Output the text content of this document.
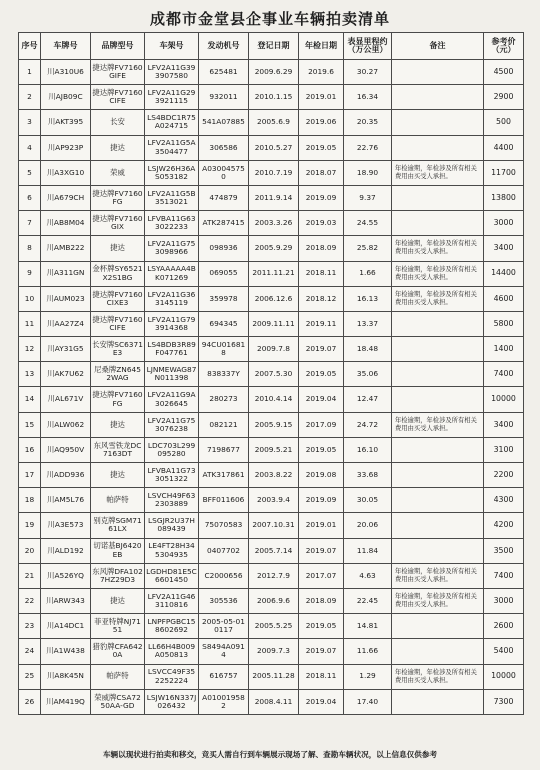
成都市金堂县企事业车辆拍卖清单
序号	车牌号	品牌型号	车架号	发动机号	登记日期	年检日期	表显里程约（万公里）	备注	参考价（元）
1	川A310U6	捷达牌FV7160GIFE	LFV2A11G393907580	625481	2009.6.29	2019.6	30.27		4500
2	川AJB09C	捷达牌FV7160CIFE	LFV2A11G293921115	932011	2010.1.15	2019.01	16.34		2900
3	川AKT395	长安	LS4BDC1R75A024715	541A07885	2005.6.9	2019.06	20.35		500
4	川AP923P	捷达	LFV2A11G5A3504477	306586	2010.5.27	2019.05	22.76		4400
5	川A3XG10	荣威	LSJW26H36AS053182	A030045750	2010.7.19	2018.07	18.90	年检逾期，年检涉及所有相关费用由买受人承担。	11700
6	川A679CH	捷达牌FV7160FG	LFV2A11G5B3513021	474879	2011.9.14	2019.09	9.37		13800
7	川AB8M04	捷达牌FV7160GIX	LFVBA11G633022233	ATK287415	2003.3.26	2019.03	24.55		3000
8	川AMB222	捷达	LFV2A11G753098966	098936	2005.9.29	2018.09	25.82	年检逾期，年检涉及所有相关费用由买受人承担。	3400
9	川A311GN	金杯牌SY6521X2S1BG	LSYAAAAA4BK071269	069055	2011.11.21	2018.11	1.66	年检逾期，年检涉及所有相关费用由买受人承担。	14400
10	川AUM023	捷达牌FV7160CIXE3	LFV2A11G363145119	359978	2006.12.6	2018.12	16.13	年检逾期，年检涉及所有相关费用由买受人承担。	4600
11	川AA27Z4	捷达牌FV7160CIFE	LFV2A11G793914368	694345	2009.11.11	2019.11	13.37		5800
12	川AY31G5	长安牌SC6371E3	LS4BDB3R89F047761	94CU016818	2009.7.8	2019.07	18.48		1400
13	川AK7U62	尼桑牌ZN6452WAG	LJNMEWAG87N011398	838337Y	2007.5.30	2019.05	35.06		7400
14	川AL671V	捷达牌FV7160FG	LFV2A11G9A3026645	280273	2010.4.14	2019.04	12.47		10000
15	川ALW062	捷达	LFV2A11G753076238	082121	2005.9.15	2017.09	24.72	年检逾期，年检涉及所有相关费用由买受人承担。	3400
16	川AQ950V	东风雪铁龙DC7163DT	LDC703L299095280	7198677	2009.5.21	2019.05	16.10		3100
17	川ADD936	捷达	LFVBA11G733051322	ATK317861	2003.8.22	2019.08	33.68		2200
18	川AM5L76	帕萨特	LSVCH49F632303889	BFF011606	2003.9.4	2019.09	30.05		4300
19	川A3E573	别克牌SGM7161LX	LSGJR2U37H089439	75070583	2007.10.31	2019.01	20.06		4200
20	川ALD192	切诺基BJ6420EB	LE4FT28H345304935	0407702	2005.7.14	2019.07	11.84		3500
21	川A526YQ	东风牌DFA1027HZ29D3	LGDHD81E5C6601450	C2000656	2012.7.9	2017.07	4.63	年检逾期，年检涉及所有相关费用由买受人承担。	7400
22	川ARW343	捷达	LFV2A11G463110816	305536	2006.9.6	2018.09	22.45	年检逾期，年检涉及所有相关费用由买受人承担。	3000
23	川A14DC1	菲亚特牌NJ7151	LNPFPGBC158602692	2005-05-010117	2005.5.25	2019.05	14.81		2600
24	川A1W438	猎豹牌CFA6420A	LL66H4B009A050813	S8494A0914	2009.7.3	2019.07	11.66		5400
25	川A8K45N	帕萨特	LSVCC49F352252224	616757	2005.11.28	2018.11	1.29	年检逾期，年检涉及所有相关费用由买受人承担。	10000
26	川AM419Q	荣威牌CSA7250AA-GD	LSJW16N337J026432	A010019582	2008.4.11	2019.04	17.40		7300
车辆以现状进行拍卖和移交，竞买人需自行到车辆展示现场了解、查勘车辆状况，以上信息仅供参考
